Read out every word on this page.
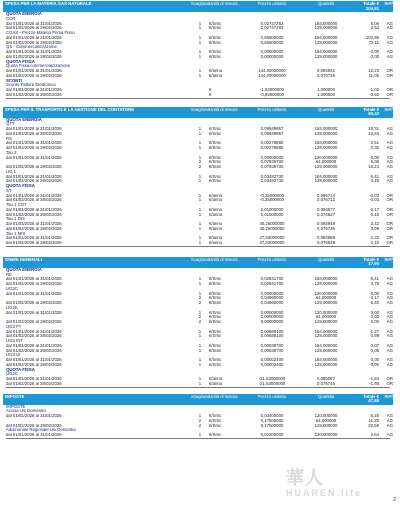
SPESA PER LA MATERIA GAS NATURALE	Scaglione Unità di misura	Prezzo unitario	Quantità	Totale €
204,91
IVA*
QUOTA ENERGIA
CCR
dal 01/01/2026 al 31/01/2026	1	€/Smc	0,02747293	184,000000	5,06	AG
dal 01/02/2026 al 28/02/2026	1	€/Smc	0,02747293	129,000000	3,54	AG
CGAS - Prezzo Materia Prima Fisso
dal 01/01/2026 al 31/01/2026	1	€/Smc	0,55900000	184,000000	102,86	AG
dal 01/02/2026 al 28/02/2026	1	€/Smc	0,55900000	129,000000	72,11	AG
QS - Commercializzazione
dal 01/01/2026 al 31/01/2026	1	€/Smc	0,00000000	184,000000	0,00	AG
dal 01/02/2026 al 28/02/2026	1	€/Smc	0,00000000	129,000000	0,00	AG
QUOTA FISSA
Quota Fissa commercializzazione
dal 01/01/2026 al 31/01/2026	1	€/anno	144,00000000	0,084931	12,23	OR
dal 01/02/2026 al 28/02/2026	1	€/anno	144,00000000	0,076736	11,05	OR
SCONTI
Sconto Fattura Elettronica
dal 01/01/2026 al 31/01/2026	€	-1,02000000	1,000000	-1,02	OR
dal 01/02/2026 al 28/02/2026	€	-0,92000000	1,000000	-0,92	OR
SPESA PER IL TRASPORTO E LA GESTIONE DEL CONTATORE	Scaglione Unità di misura	Prezzo unitario	Quantità	Totale €
69,43
IVA*
QUOTA ENERGIA
QTT
dal 01/01/2026 al 31/01/2026	1	€/Smc	0,09949957	184,000000	18,31	AG
dal 01/02/2026 al 28/02/2026	1	€/Smc	0,09949957	129,000000	12,84	AG
RS
dal 01/01/2026 al 31/01/2026	1	€/Smc	0,00278880	184,000000	0,51	AG
dal 01/02/2026 al 28/02/2026	1	€/Smc	0,00278880	129,000000	0,36	AG
Tau 3
dal 01/01/2026 al 31/01/2026	1	€/Smc	0,00000000	120,000000	0,00	AG
2	€/Smc	0,07936730	64,000000	5,08	AG
dal 01/02/2026 al 28/02/2026	2	€/Smc	0,07936730	129,000000	10,24	AG
UG 1
dal 01/01/2026 al 31/01/2026	1	€/Smc	0,03483730	184,000000	6,41	AG
dal 01/02/2026 al 28/02/2026	1	€/Smc	0,03483730	129,000000	4,49	AG
QUOTA FISSA
ST
dal 01/01/2026 al 31/01/2026	1	€/anno	-0,35000000	0,085714	-0,03	OR
dal 01/02/2026 al 28/02/2026	1	€/anno	-0,35000000	0,076712	-0,03	OR
Tau 1 COT
dal 01/01/2026 al 31/01/2026	1	€/anno	2,01000000	0,084577	0,17	OR
dal 01/02/2026 al 28/02/2026	1	€/anno	2,01000000	0,074627	0,15	OR
Tau 1 DIS
dal 01/01/2026 al 31/01/2026	1	€/anno	40,26000000	0,084948	3,42	OR
dal 01/02/2026 al 28/02/2026	1	€/anno	40,26000000	0,076736	3,09	OR
Tau 1 MIS
dal 01/01/2026 al 31/01/2026	1	€/anno	27,33000000	0,084888	2,32	OR
dal 01/02/2026 al 28/02/2026	1	€/anno	27,33000000	0,076839	2,10	OR
ONERI GENERALI	Scaglione Unità di misura	Prezzo unitario	Quantità	Totale €
17,95
IVA*
QUOTA ENERGIA
RE
dal 01/01/2026 al 31/01/2026	1	€/Smc	0,02941700	184,000000	5,41	AG
dal 01/02/2026 al 28/02/2026	1	€/Smc	0,02941700	129,000000	3,79	AG
UG2C
dal 01/01/2026 al 31/01/2026	1	€/Smc	0,00000000	120,000000	0,00	AG
2	€/Smc	0,04960000	64,000000	3,17	AG
dal 01/02/2026 al 28/02/2026	2	€/Smc	0,04960000	129,000000	6,40	AG
UG2K
dal 01/01/2026 al 31/01/2026	1	€/Smc	0,00000000	120,000000	0,00	AG
2	€/Smc	0,00000000	64,000000	0,00	AG
dal 01/02/2026 al 28/02/2026	2	€/Smc	0,00000000	129,000000	0,00	AG
UG3 FT
dal 01/01/2026 al 31/01/2026	1	€/Smc	0,00688100	184,000000	1,27	AG
dal 01/02/2026 al 28/02/2026	1	€/Smc	0,00688100	129,000000	0,89	AG
UG3 INT
dal 01/01/2026 al 31/01/2026	1	€/Smc	0,00038700	184,000000	0,07	AG
dal 01/02/2026 al 28/02/2026	1	€/Smc	0,00038700	129,000000	0,05	AG
UG3 UI
dal 01/01/2026 al 31/01/2026	1	€/Smc	0,00002400	184,000000	0,00	AG
dal 01/02/2026 al 28/02/2026	1	€/Smc	0,00002400	129,000000	0,00	AG
QUOTA FISSA
UG2C
dal 01/01/2026 al 31/01/2026	1	€/anno	-21,63000000	0,085067	-1,84	OR
dal 01/02/2026 al 28/02/2026	1	€/anno	-21,63000000	0,076745	-1,66	OR
IMPOSTE	Scaglione Unità di misura	Prezzo unitario	Quantità	Totale €
47,68
IVA*
IMPOSTE
Accisa Usi Domestici
dal 01/01/2026 al 31/01/2026	1	€/Smc	0,04400000	120,000000	5,28	AG
2	€/Smc	0,17500000	64,000000	11,20	AG
dal 01/02/2026 al 28/02/2026	2	€/Smc	0,17500000	129,000000	22,58	AG
Addizionale Regionale Usi Domestici
dal 01/01/2026 al 31/01/2026	1	€/Smc	0,02200000	120,000000	2,64	AG
2
華人
HUAREN.life
